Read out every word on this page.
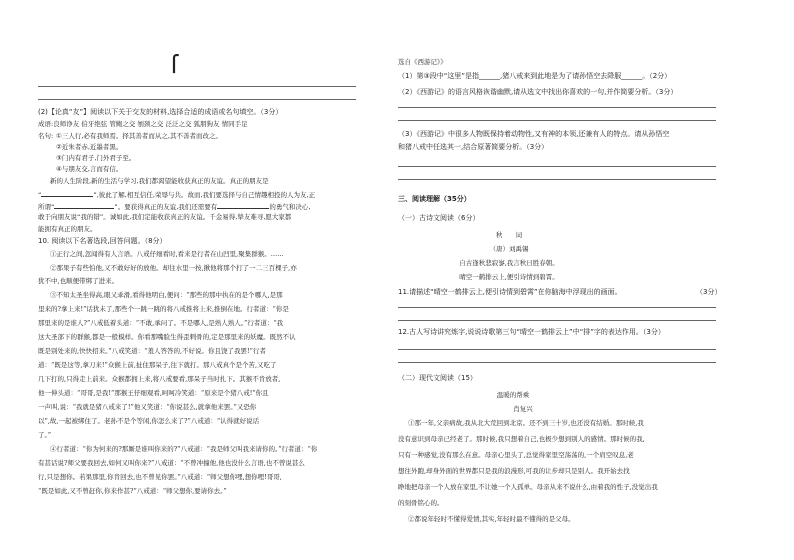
⎧
(2)【论真“友”】阅读以下关于交友的材料,选择合适的成语或名句填空。（3分）
成语:良师诤友 伯牙绝弦 管鲍之交 刎颈之交 泛泛之交 狐朋狗友 情同手足
名句: ①三人行,必有我师焉。择其善者而从之,其不善者而改之。
②近朱者赤,近墨者黑。
③门内有君子,门外君子至。
④与朋友交,言而有信。
新的人生阶段,新的生活与学习,我们都渴望能收获真正的友谊。真正的朋友是
“	”,彼此了解,相互信任,荣辱与共。故而,我们要选择与自己情趣相投的人为友,正
所谓“	”。要获得真正的友谊,我们还需要有	的勇气和决心,
敢于向朋友说“我的错”。诚如此,我们定能收获真正的友谊。千金易得,挚友难寻,愿大家都
能拥有真正的朋友。
10. 阅读以下名著选段,回答问题。（8分）
①正行之间,忽闻得有人言语。八戒仔细看时,看来是行者在山凹里,聚集群猴。……
②那果子有些怕他,又不敢好好的放他。却往水里一按,揪他将那个打了一二三百棵子,亦
犹不中,也顺便带绑了进来。
③不知太圣坐得高,眼又乖滑,看得他明白,便问：“那些的那中执在的是个哪人,是那
里来的?拿上来!”话犹未了,那些个一跳一跳的将八戒推将上来,推倒在地。行者道：“你是
那里来的是谁人?”八戒低着头道：“不敢,承问了。不是哪人,是熟人熟人。”行者道：“我
这大圣部下的群猴,都是一般模样。你看那嘴脸生得歪剌骨的,定是那里来的妖魔。既然不认
既是别处来的,快快招来。”八戒笑道：“羞人答答的,不好说。你且饶了我罢!”行者
道：“既是这等,拿刀来!”众猴上前,扯住那呆子,往下就打。那八戒真个是个苦,又吃了
几下打的,只得走上前来。众猴都拥上来,将八戒要看,那呆子当时扎下。其猴不肯放者,
他一伸头道：“哥哥,是我!”那猴王仔细观看,呵呵冷笑道：“原来是个猪八戒!”你且
一声叫,说：“我就是猪八戒来了!”他又笑道：“你说甚么,就拿他来罢。”又恐你
以”,故,一起被绑住了。老孙不是个等闲,你怎么来了?”八戒道：“认得就好说话
了。”
④行者道：“你为何来的?那厮是谁叫你来的?”八戒道：“我是师父叫我来请你的。”行者道：“你
有甚话说?师父要我回去,如何又叫你来?”八戒道：“不曾冲撞他,他也没什么言语,也不曾说甚么
行,只是想你。若果那里,你肯回去,也不曾见你罢。”八戒道：“师父想你哩,想你哩!哥哥,
“既是如此,又不曾赶你,你来作甚?”八戒道：“师父想你,要请你去。”
选自《西游记》》
（1）第③段中“这里”是指______,猪八戒来到此地是为了请孙悟空去降服______。（2分）
（2）《西游记》的语言风格诙谐幽默,请从选文中找出你喜欢的一句,并作简要分析。（3分）
（3）《西游记》中很多人物既保持着动物性,又有神的本领,还兼有人的特点。请从孙悟空
和猪八戒中任选其一,结合原著简要分析。（3分）
三、阅读理解（35分）
（一）古诗文阅读（6分）
秋　　词
（唐）刘禹锡
自古逢秋悲寂寥,我言秋日胜春朝。
晴空一鹤排云上,便引诗情到碧霄。
11.请描述“晴空一鹤排云上,便引诗情到碧霄”在你脑海中浮现出的画面。	（3分）
12.古人写诗讲究炼字,说说诗歌第三句“晴空一鹤排云上”中“排”字的表达作用。（3分）
（二）现代文阅读（15）
温暖的帮乘
肖复兴
①那一年,父亲病故,我从北大荒回到北京。还不到三十岁,也还没有结婚。那时候,我
没有意识到母亲已经老了。那时候,我只想着自己,也极少想到别人的感情。那时候的我,
只有一种感觉,没有那么在意。母亲心里头了,总觉得家里空荡荡的,一个肩空叹息,老
想往外跑,却身外面的世界都只是我的浪漫形,可我的让步却只是别人。我开始去找
睁地把母亲一个人放在家里,不让她一个人孤单。母亲从来不说什么,由着我的性子,没觉出我
的刻骨铭心的。
②都说年轻时不懂得爱情,其实,年轻时最不懂得的是父母。
